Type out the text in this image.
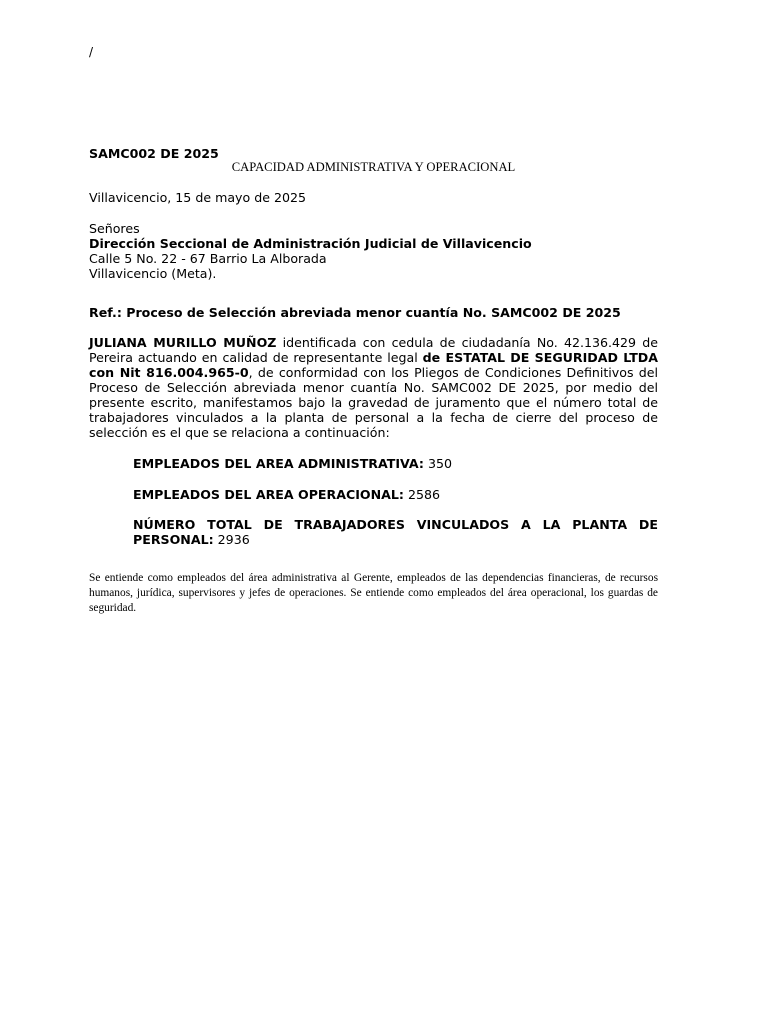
/

SAMC002 DE 2025

CAPACIDAD ADMINISTRATIVA Y OPERACIONAL

Villavicencio, 15 de mayo de 2025

Señores
Dirección Seccional de Administración Judicial de Villavicencio
Calle 5 No. 22 - 67 Barrio La Alborada
Villavicencio (Meta).

Ref.: Proceso de Selección abreviada menor cuantía No. SAMC002 DE 2025

JULIANA MURILLO MUÑOZ identificada con cedula de ciudadanía No. 42.136.429 de Pereira actuando en calidad de representante legal de ESTATAL DE SEGURIDAD LTDA con Nit 816.004.965-0, de conformidad con los Pliegos de Condiciones Definitivos del Proceso de Selección abreviada menor cuantía No. SAMC002 DE 2025, por medio del presente escrito, manifestamos bajo la gravedad de juramento que el número total de trabajadores vinculados a la planta de personal a la fecha de cierre del proceso de selección es el que se relaciona a continuación:

EMPLEADOS DEL AREA ADMINISTRATIVA: 350

EMPLEADOS DEL AREA OPERACIONAL: 2586

NÚMERO TOTAL DE TRABAJADORES VINCULADOS A LA PLANTA DE PERSONAL: 2936

Se entiende como empleados del área administrativa al Gerente, empleados de las dependencias financieras, de recursos humanos, jurídica, supervisores y jefes de operaciones. Se entiende como empleados del área operacional, los guardas de seguridad.
